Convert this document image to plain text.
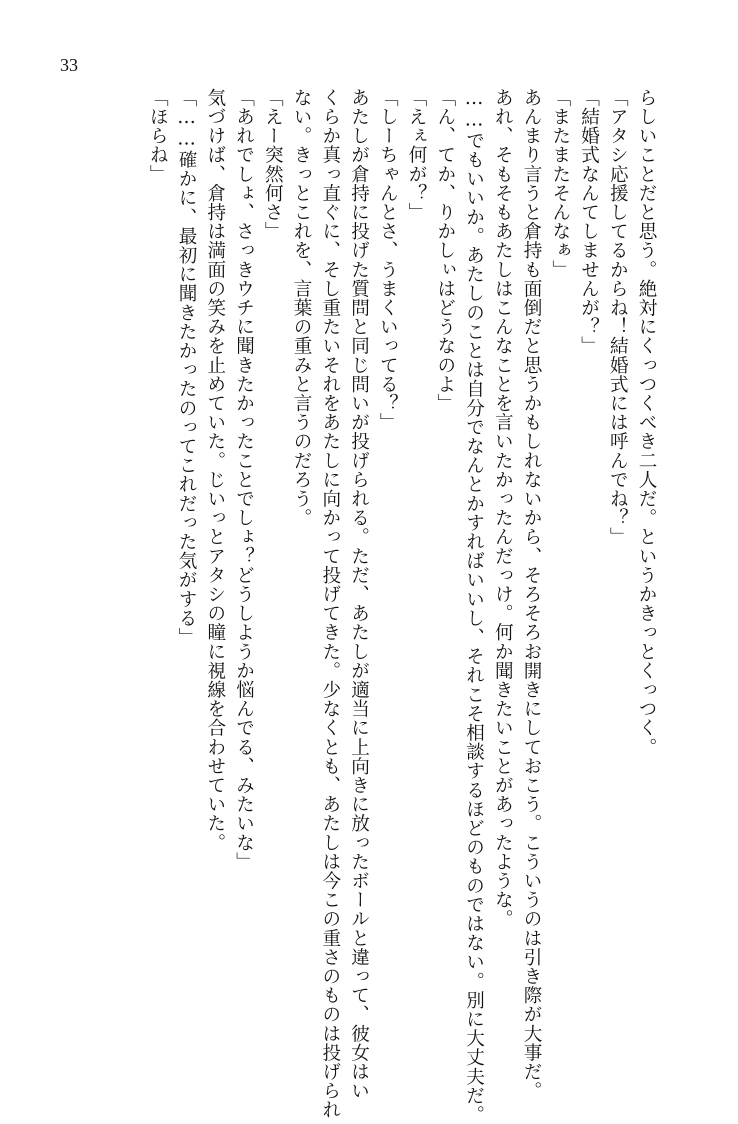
33
らしいことだと思う。絶対にくっつくべき二人だ。というかきっとくっつく。
「アタシ応援してるからね！結婚式には呼んでね？」
「結婚式なんてしませんが？」
「またまたそんなぁ」
あんまり言うと倉持も面倒だと思うかもしれないから、そろそろお開きにしておこう。こういうのは引き際が大事だ。
あれ、そもそもあたしはこんなことを言いたかったんだっけ。何か聞きたいことがあったような。
……でもいいか。あたしのことは自分でなんとかすればいいし、それこそ相談するほどのものではない。別に大丈夫だ。
「ん、てか、りかしぃはどうなのよ」
「えぇ何が？」
「しーちゃんとさ、うまくいってる？」
あたしが倉持に投げた質問と同じ問いが投げられる。ただ、あたしが適当に上向きに放ったボールと違って、彼女はい
くらか真っ直ぐに、そし重たいそれをあたしに向かって投げてきた。少なくとも、あたしは今この重さのものは投げられ
ない。きっとこれを、言葉の重みと言うのだろう。
「えー突然何さ」
「あれでしょ、さっきウチに聞きたかったことでしょ？どうしようか悩んでる、みたいな」
気づけば、倉持は満面の笑みを止めていた。じいっとアタシの瞳に視線を合わせていた。
「……確かに、最初に聞きたかったのってこれだった気がする」
「ほらね」
